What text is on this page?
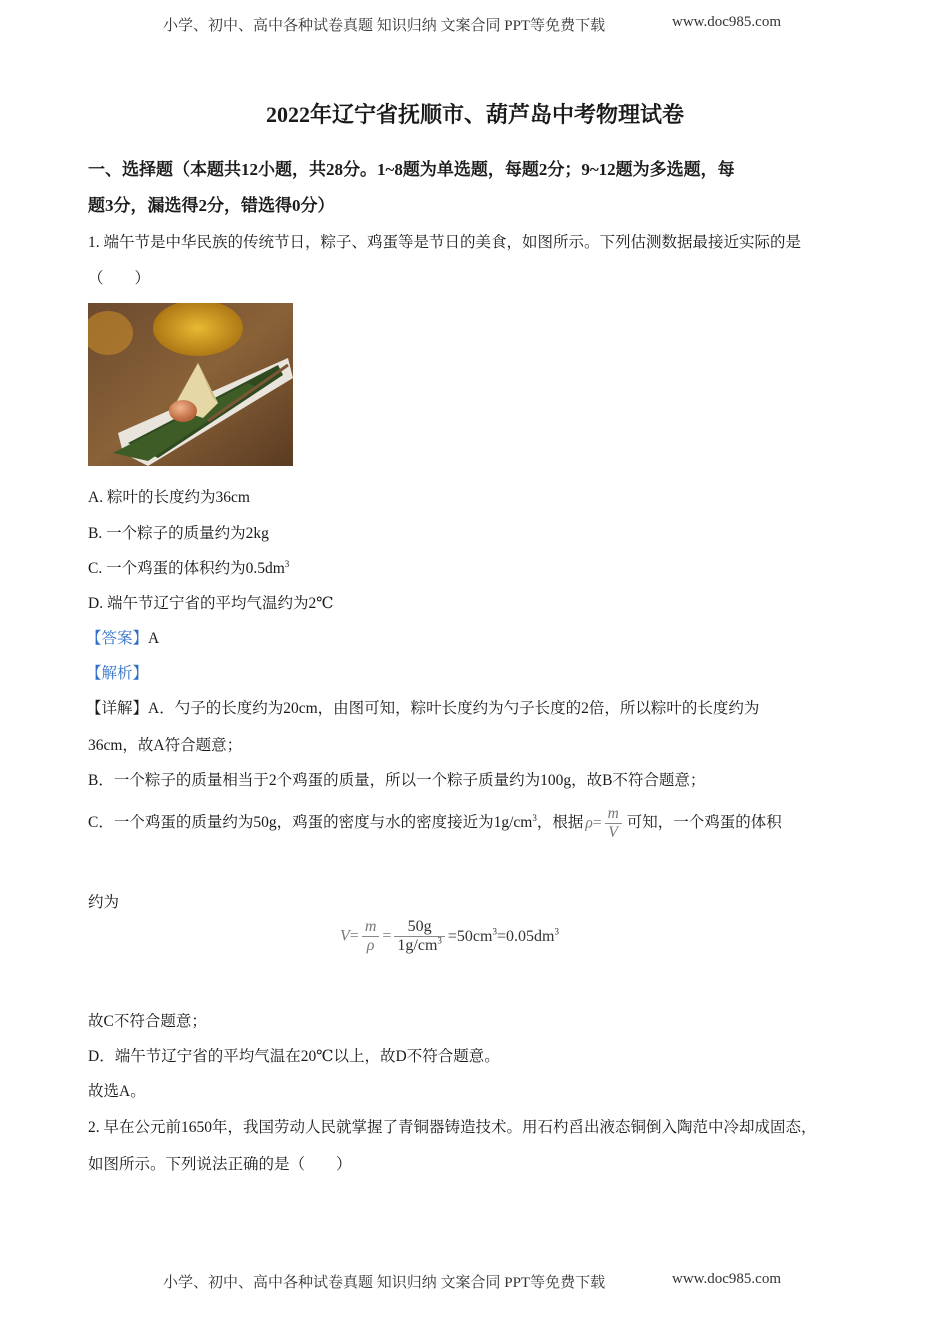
小学、初中、高中各种试卷真题 知识归纳 文案合同 PPT等免费下载	www.doc985.com
2022年辽宁省抚顺市、葫芦岛中考物理试卷
一、选择题（本题共12小题，共28分。1~8题为单选题，每题2分；9~12题为多选题，每
题3分，漏选得2分，错选得0分）
1. 端午节是中华民族的传统节日，粽子、鸡蛋等是节日的美食，如图所示。下列估测数据最接近实际的是
（　　）
A. 粽叶的长度约为36cm
B. 一个粽子的质量约为2kg
C. 一个鸡蛋的体积约为$0.5dm^3$
D. 端午节辽宁省的平均气温约为2℃
【答案】A
【解析】
【详解】A．勺子的长度约为20cm，由图可知，粽叶长度约为勺子长度的2倍，所以粽叶的长度约为
36cm，故A符合题意；
B．一个粽子的质量相当于2个鸡蛋的质量，所以一个粽子质量约为100g，故B不符合题意；
C．一个鸡蛋的质量约为50g，鸡蛋的密度与水的密度接近为$1g/cm^3$，根据 $\rho= \frac{m}{V}$ 可知，一个鸡蛋的体积
约为
$V= \frac{m}{\rho} = \frac{50g}{1g/cm^3} =50cm^3=0.05dm^3$
故C不符合题意；
D．端午节辽宁省的平均气温在20℃以上，故D不符合题意。
故选A。
2. 早在公元前1650年，我国劳动人民就掌握了青铜器铸造技术。用石杓舀出液态铜倒入陶范中冷却成固态，
如图所示。下列说法正确的是（　　）
小学、初中、高中各种试卷真题 知识归纳 文案合同 PPT等免费下载	www.doc985.com
